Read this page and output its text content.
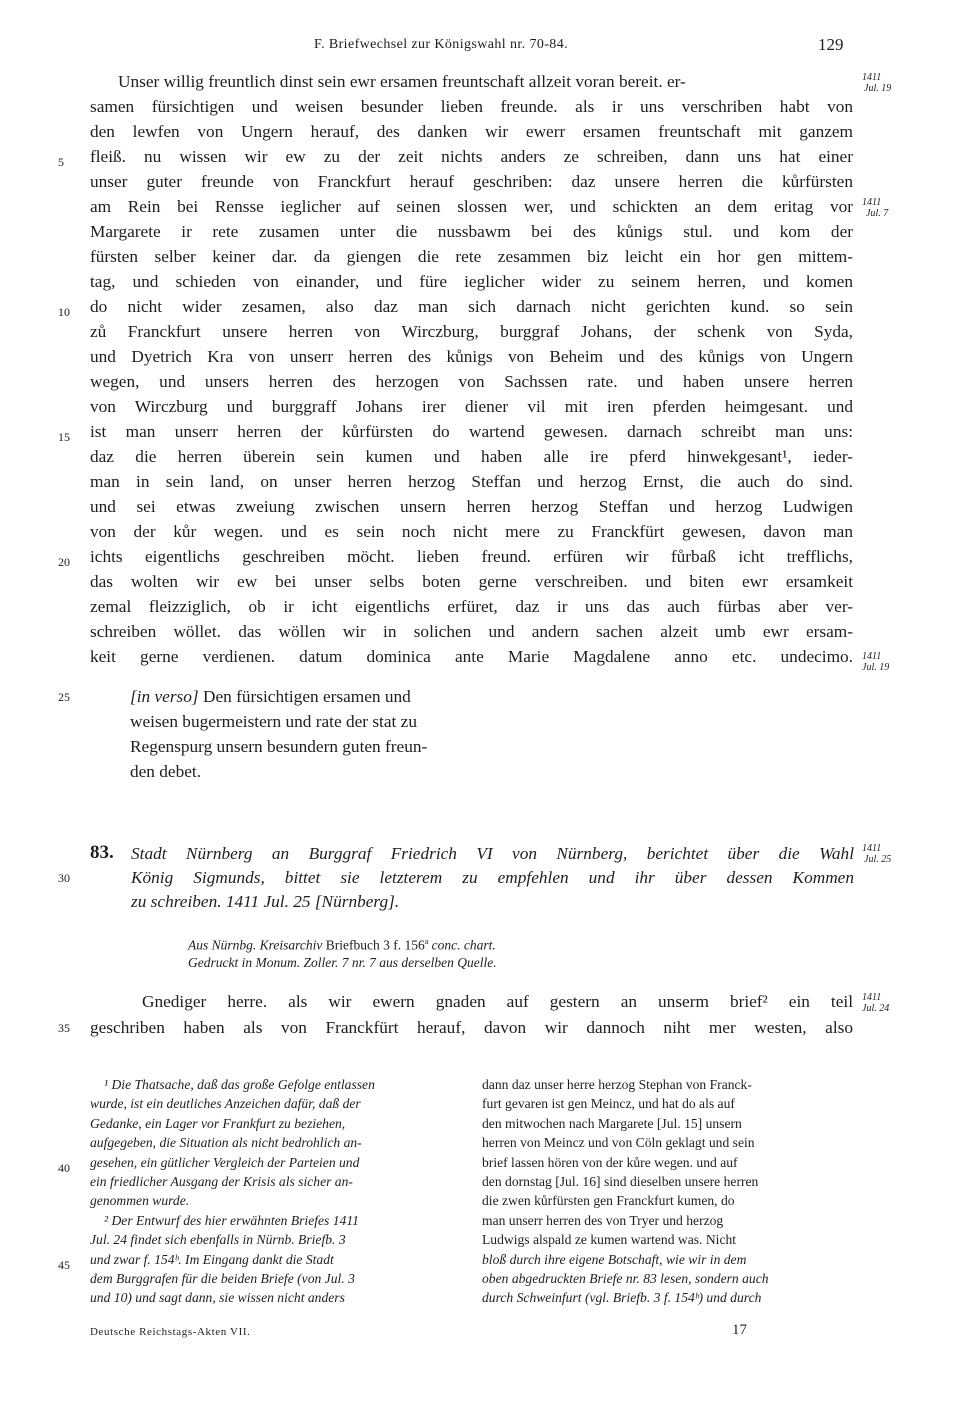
F. Briefwechsel zur Königswahl nr. 70-84.	129
Unser willig freuntlich dinst sein ewr ersamen freuntschaft allzeit voran bereit. er-
samen fürsichtigen und weisen besunder lieben freunde. als ir uns verschriben habt von
den lewfen von Ungern herauf, des danken wir ewerr ersamen freuntschaft mit ganzem
fleiß. nu wissen wir ew zu der zeit nichts anders ze schreiben, dann uns hat einer
unser guter freunde von Franckfurt herauf geschriben: daz unsere herren die kůrfürsten
am Rein bei Rensse ieglicher auf seinen slossen wer, und schickten an dem eritag vor
Margarete ir rete zusamen unter die nussbawm bei des kůnigs stul. und kom der
fürsten selber keiner dar. da giengen die rete zesammen biz leicht ein hor gen mittem-
tag, und schieden von einander, und füre ieglicher wider zu seinem herren, und komen
do nicht wider zesamen, also daz man sich darnach nicht gerichten kund. so sein
zů Franckfurt unsere herren von Wirczburg, burggraf Johans, der schenk von Syda,
und Dyetrich Kra von unserr herren des kůnigs von Beheim und des kůnigs von Ungern
wegen, und unsers herren des herzogen von Sachssen rate. und haben unsere herren
von Wirczburg und burggraff Johans irer diener vil mit iren pferden heimgesant. und
ist man unserr herren der kůrfürsten do wartend gewesen. darnach schreibt man uns:
daz die herren überein sein kumen und haben alle ire pferd hinwekgesant¹, ieder-
man in sein land, on unser herren herzog Steffan und herzog Ernst, die auch do sind.
und sei etwas zweiung zwischen unsern herren herzog Steffan und herzog Ludwigen
von der kůr wegen. und es sein noch nicht mere zu Franckfürt gewesen, davon man
ichts eigentlichs geschreiben möcht. lieben freund. erfüren wir fůrbaß icht trefflichs,
das wolten wir ew bei unser selbs boten gerne verschreiben. und biten ewr ersamkeit
zemal fleizziglich, ob ir icht eigentlichs erfüret, daz ir uns das auch fürbas aber ver-
schreiben wöllet. das wöllen wir in solichen und andern sachen alzeit umb ewr ersam-
keit gerne verdienen. datum dominica ante Marie Magdalene anno etc. undecimo.
[in verso] Den fürsichtigen ersamen und
weisen bugermeistern und rate der stat zu
Regenspurg unsern besundern guten freun-
den debet.
83. Stadt Nürnberg an Burggraf Friedrich VI von Nürnberg, berichtet über die Wahl
König Sigmunds, bittet sie letzterem zu empfehlen und ihr über dessen Kommen
zu schreiben. 1411 Jul. 25 [Nürnberg].
Aus Nürnbg. Kreisarchiv Briefbuch 3 f. 156$^a$ conc. chart.
Gedruckt in Monum. Zoller. 7 nr. 7 aus derselben Quelle.
Gnediger herre. als wir ewern gnaden auf gestern an unserm brief² ein teil
geschriben haben als von Franckfürt herauf, davon wir dannoch niht mer westen, also
5
10
15
20
25
30
35
40
45
1411
Jul. 19
1411
Jul. 7
1411
Jul. 19
1411
Jul. 25
1411
Jul. 24
¹ Die Thatsache, daß das große Gefolge entlassen
wurde, ist ein deutliches Anzeichen dafür, daß der
Gedanke, ein Lager vor Frankfurt zu beziehen,
aufgegeben, die Situation als nicht bedrohlich an-
gesehen, ein gütlicher Vergleich der Parteien und
ein friedlicher Ausgang der Krisis als sicher an-
genommen wurde.
² Der Entwurf des hier erwähnten Briefes 1411
Jul. 24 findet sich ebenfalls in Nürnb. Briefb. 3
und zwar f. 154ᵇ. Im Eingang dankt die Stadt
dem Burggrafen für die beiden Briefe (von Jul. 3
und 10) und sagt dann, sie wissen nicht anders
dann daz unser herre herzog Stephan von Franck-
furt gevaren ist gen Meincz, und hat do als auf
den mitwochen nach Margarete [Jul. 15] unsern
herren von Meincz und von Cöln geklagt und sein
brief lassen hören von der kůre wegen. und auf
den dornstag [Jul. 16] sind dieselben unsere herren
die zwen kůrfürsten gen Franckfurt kumen, do
man unserr herren des von Tryer und herzog
Ludwigs alspald ze kumen wartend was. Nicht
bloß durch ihre eigene Botschaft, wie wir in dem
oben abgedruckten Briefe nr. 83 lesen, sondern auch
durch Schweinfurt (vgl. Briefb. 3 f. 154ᵇ) und durch
Deutsche Reichstags-Akten VII.	17
